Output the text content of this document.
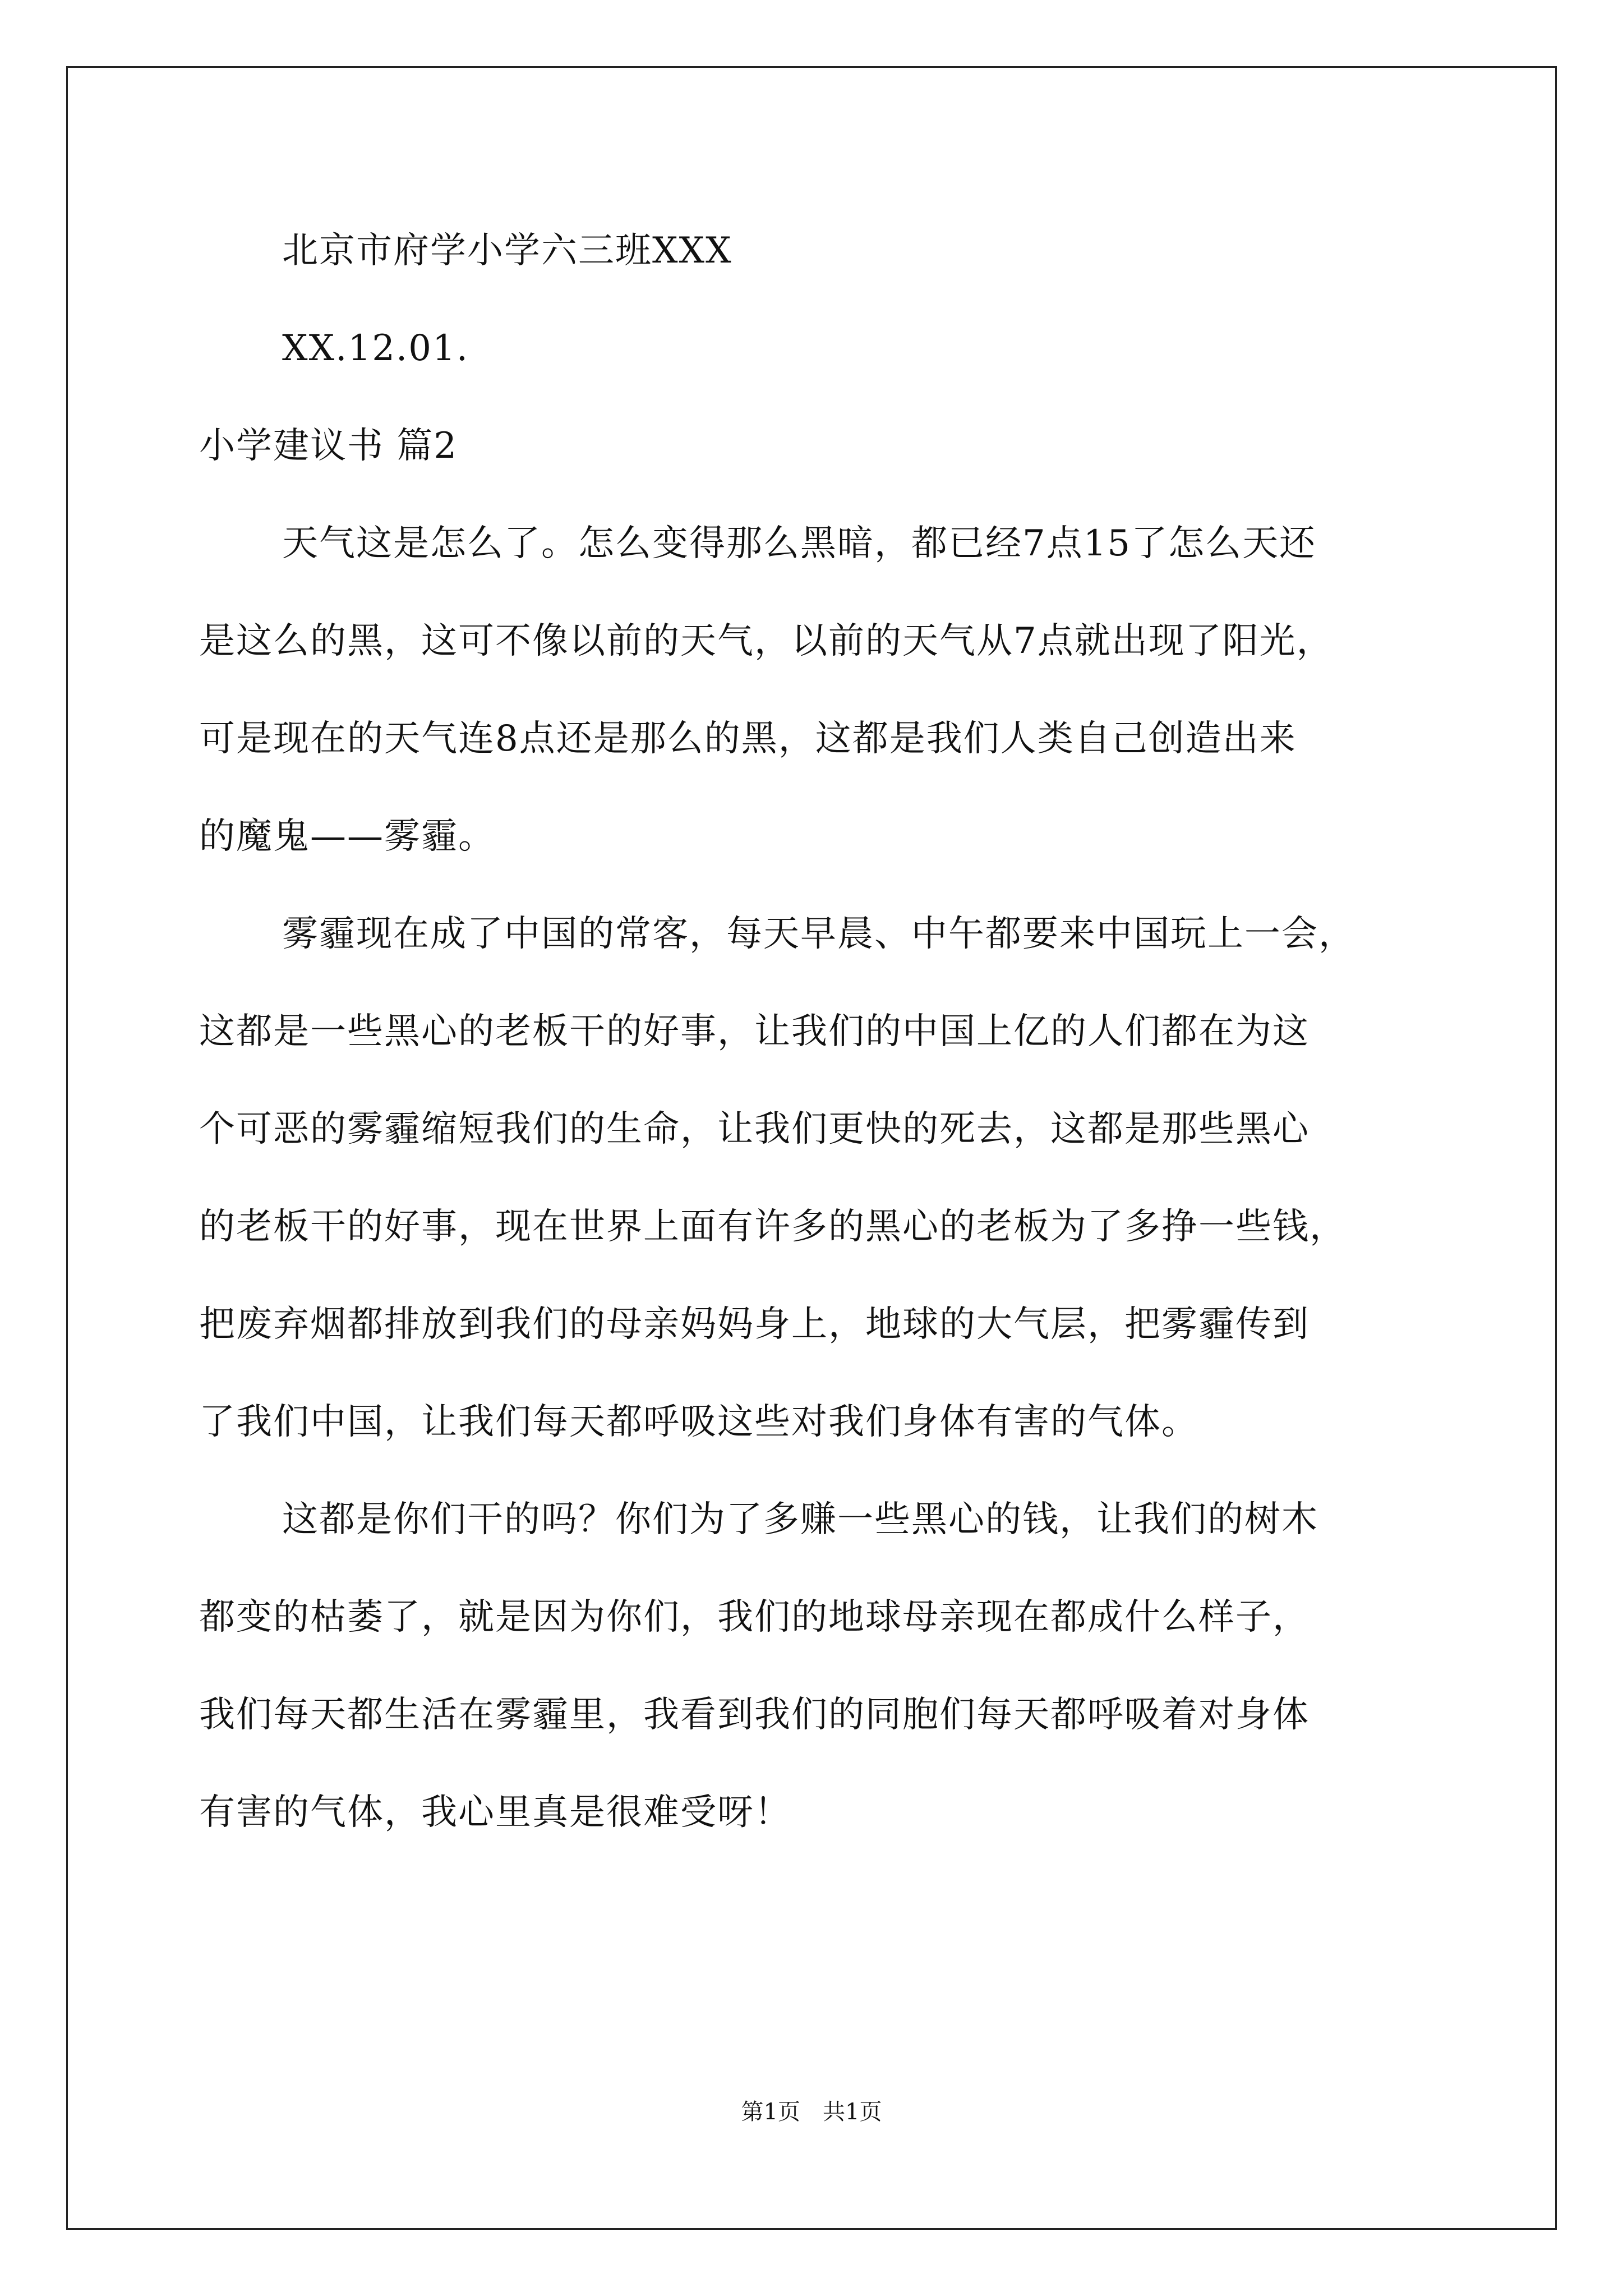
北京市府学小学六三班XXX
XX.12.01.
小学建议书 篇2
天气这是怎么了。怎么变得那么黑暗，都已经7点15了怎么天还
是这么的黑，这可不像以前的天气，以前的天气从7点就出现了阳光，
可是现在的天气连8点还是那么的黑，这都是我们人类自己创造出来
的魔鬼——雾霾。
雾霾现在成了中国的常客，每天早晨、中午都要来中国玩上一会，
这都是一些黑心的老板干的好事，让我们的中国上亿的人们都在为这
个可恶的雾霾缩短我们的生命，让我们更快的死去，这都是那些黑心
的老板干的好事，现在世界上面有许多的黑心的老板为了多挣一些钱，
把废弃烟都排放到我们的母亲妈妈身上，地球的大气层，把雾霾传到
了我们中国，让我们每天都呼吸这些对我们身体有害的气体。
这都是你们干的吗？你们为了多赚一些黑心的钱，让我们的树木
都变的枯萎了，就是因为你们，我们的地球母亲现在都成什么样子，
我们每天都生活在雾霾里，我看到我们的同胞们每天都呼吸着对身体
有害的气体，我心里真是很难受呀！
第1页　共1页
